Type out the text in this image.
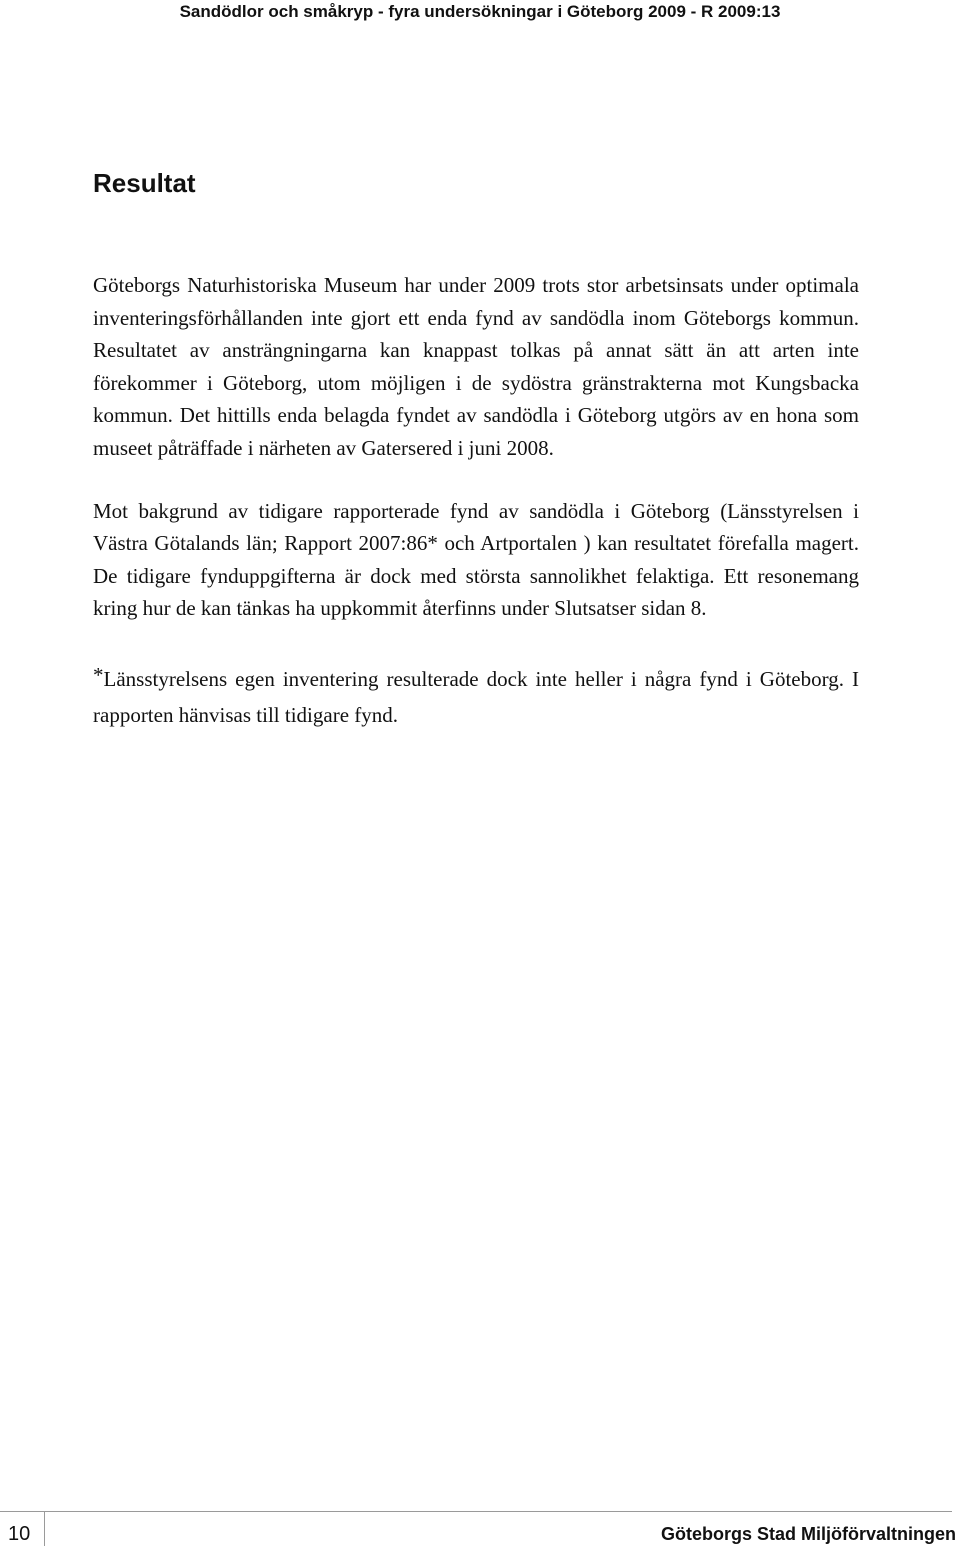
Sandödlor och småkryp - fyra undersökningar i Göteborg 2009 - R 2009:13
Resultat

Göteborgs Naturhistoriska Museum har under 2009 trots stor arbetsinsats under optimala inventeringsförhållanden inte gjort ett enda fynd av sandödla inom Göteborgs kommun. Resultatet av ansträngningarna kan knappast tolkas på annat sätt än att arten inte förekommer i Göteborg, utom möjligen i de sydöstra gränstrakterna mot Kungsbacka kommun. Det hittills enda belagda fyndet av sandödla i Göteborg utgörs av en hona som museet påträffade i närheten av Gatersered i juni 2008.

Mot bakgrund av tidigare rapporterade fynd av sandödla i Göteborg (Länsstyrelsen i Västra Götalands län; Rapport 2007:86* och Artportalen ) kan resultatet förefalla magert. De tidigare fynduppgifterna är dock med största sannolikhet felaktiga. Ett resonemang kring hur de kan tänkas ha uppkommit återfinns under Slutsatser sidan 8.

*Länsstyrelsens egen inventering resulterade dock inte heller i några fynd i Göteborg. I rapporten hänvisas till tidigare fynd.

10	Göteborgs Stad Miljöförvaltningen
